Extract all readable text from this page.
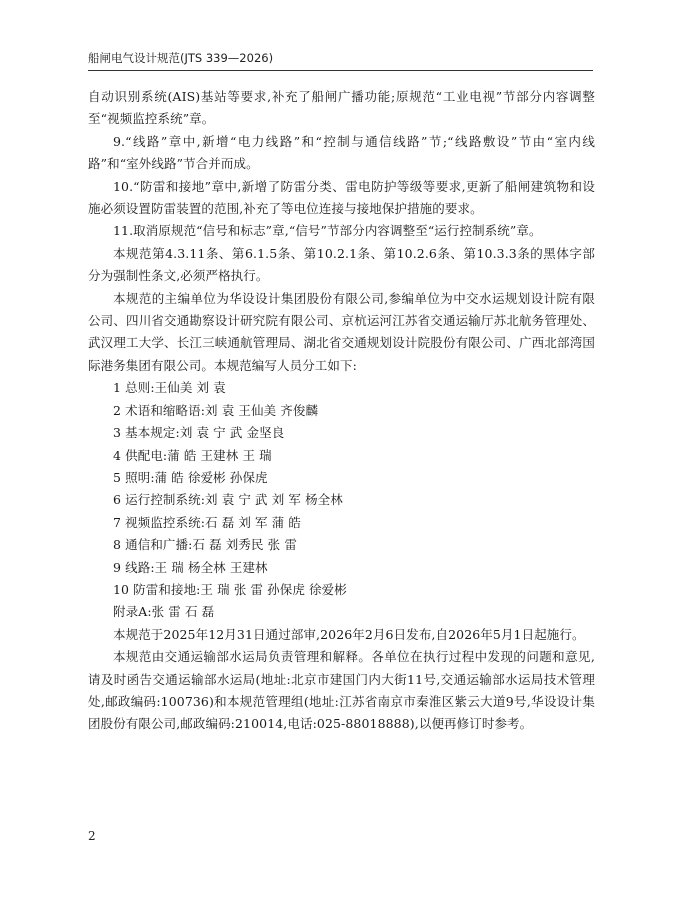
船闸电气设计规范(JTS 339—2026)

自动识别系统(AIS)基站等要求,补充了船闸广播功能;原规范“工业电视”节部分内容调整至“视频监控系统”章。

9.“线路”章中,新增“电力线路”和“控制与通信线路”节;“线路敷设”节由“室内线路”和“室外线路”节合并而成。

10.“防雷和接地”章中,新增了防雷分类、雷电防护等级等要求,更新了船闸建筑物和设施必须设置防雷装置的范围,补充了等电位连接与接地保护措施的要求。

11.取消原规范“信号和标志”章,“信号”节部分内容调整至“运行控制系统”章。

本规范第4.3.11条、第6.1.5条、第10.2.1条、第10.2.6条、第10.3.3条的黑体字部分为强制性条文,必须严格执行。

本规范的主编单位为华设设计集团股份有限公司,参编单位为中交水运规划设计院有限公司、四川省交通勘察设计研究院有限公司、京杭运河江苏省交通运输厅苏北航务管理处、武汉理工大学、长江三峡通航管理局、湖北省交通规划设计院股份有限公司、广西北部湾国际港务集团有限公司。本规范编写人员分工如下:

1 总则:王仙美 刘 袁

2 术语和缩略语:刘 袁 王仙美 齐俊麟

3 基本规定:刘 袁 宁 武 金坚良

4 供配电:蒲 皓 王建林 王 瑞

5 照明:蒲 皓 徐爱彬 孙保虎

6 运行控制系统:刘 袁 宁 武 刘 军 杨全林

7 视频监控系统:石 磊 刘 军 蒲 皓

8 通信和广播:石 磊 刘秀民 张 雷

9 线路:王 瑞 杨全林 王建林

10 防雷和接地:王 瑞 张 雷 孙保虎 徐爱彬

附录A:张 雷 石 磊

本规范于2025年12月31日通过部审,2026年2月6日发布,自2026年5月1日起施行。

本规范由交通运输部水运局负责管理和解释。各单位在执行过程中发现的问题和意见,请及时函告交通运输部水运局(地址:北京市建国门内大街11号,交通运输部水运局技术管理处,邮政编码:100736)和本规范管理组(地址:江苏省南京市秦淮区紫云大道9号,华设设计集团股份有限公司,邮政编码:210014,电话:025-88018888),以便再修订时参考。

2
